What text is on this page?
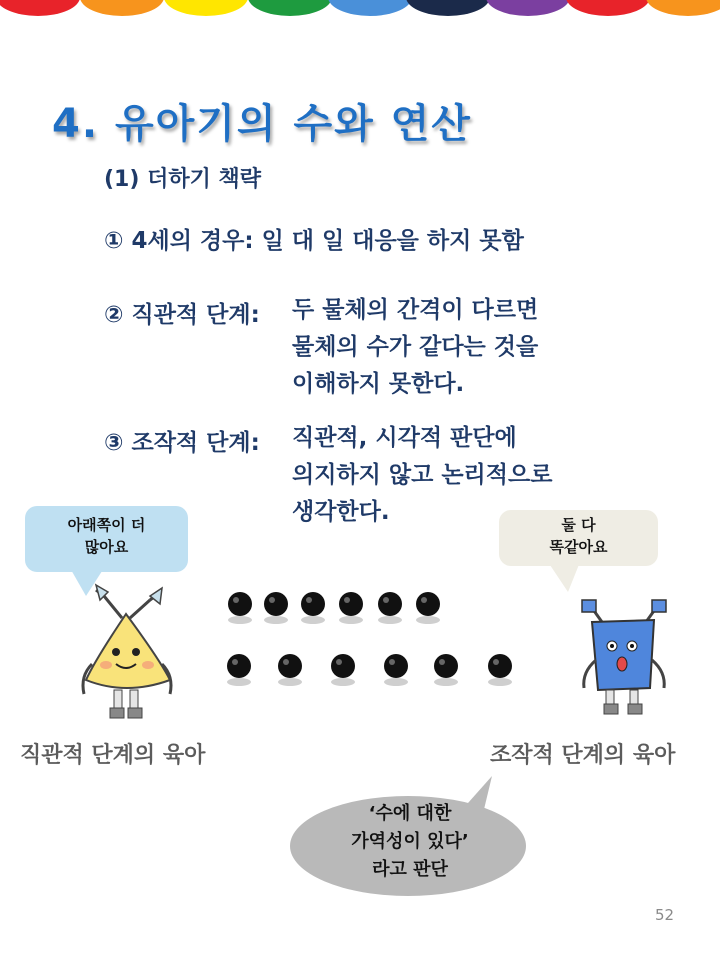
4. 유아기의 수와 연산
(1) 더하기 책략
① 4세의 경우: 일 대 일 대응을 하지 못함
② 직관적 단계: 두 물체의 간격이 다르면
물체의 수가 같다는 것을
이해하지 못한다.
③ 조작적 단계: 직관적, 시각적 판단에
의지하지 않고 논리적으로
생각한다.
아래쪽이 더
많아요
둘 다
똑같아요
직관적 단계의 육아	조작적 단계의 육아
‘수에 대한
가역성이 있다’
라고 판단
52
